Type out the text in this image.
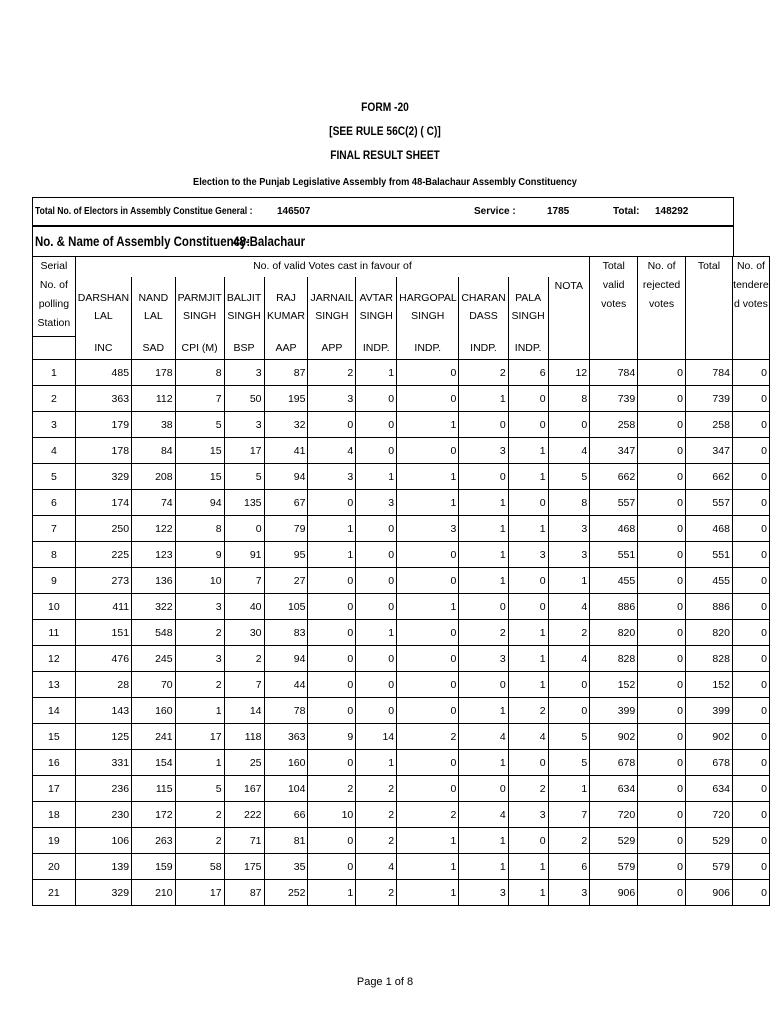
FORM -20
[SEE RULE 56C(2) ( C)]
FINAL RESULT SHEET
Election to the Punjab Legislative Assembly from 48-Balachaur Assembly Constituency
Total No. of Electors in Assembly Constitue General : 146507	Service :	1785	Total: 148292
No. & Name of Assembly Constituency:
48-Balachaur
Serial No. of polling Station	No. of valid Votes cast in favour of											Total valid votes	No. of rejected votes	Total	No. of tendere d votes
	DARSHAN LAL	NAND LAL	PARMJIT SINGH	BALJIT SINGH	RAJ KUMAR	JARNAIL SINGH	AVTAR SINGH	HARGOPAL SINGH	CHARAN DASS	PALA SINGH	NOTA				
	INC	SAD	CPI (M)	BSP	AAP	APP	INDP.	INDP.	INDP.	INDP.					
1	485	178	8	3	87	2	1	0	2	6	12	784	0	784	0
2	363	112	7	50	195	3	0	0	1	0	8	739	0	739	0
3	179	38	5	3	32	0	0	1	0	0	0	258	0	258	0
4	178	84	15	17	41	4	0	0	3	1	4	347	0	347	0
5	329	208	15	5	94	3	1	1	0	1	5	662	0	662	0
6	174	74	94	135	67	0	3	1	1	0	8	557	0	557	0
7	250	122	8	0	79	1	0	3	1	1	3	468	0	468	0
8	225	123	9	91	95	1	0	0	1	3	3	551	0	551	0
9	273	136	10	7	27	0	0	0	1	0	1	455	0	455	0
10	411	322	3	40	105	0	0	1	0	0	4	886	0	886	0
11	151	548	2	30	83	0	1	0	2	1	2	820	0	820	0
12	476	245	3	2	94	0	0	0	3	1	4	828	0	828	0
13	28	70	2	7	44	0	0	0	0	1	0	152	0	152	0
14	143	160	1	14	78	0	0	0	1	2	0	399	0	399	0
15	125	241	17	118	363	9	14	2	4	4	5	902	0	902	0
16	331	154	1	25	160	0	1	0	1	0	5	678	0	678	0
17	236	115	5	167	104	2	2	0	0	2	1	634	0	634	0
18	230	172	2	222	66	10	2	2	4	3	7	720	0	720	0
19	106	263	2	71	81	0	2	1	1	0	2	529	0	529	0
20	139	159	58	175	35	0	4	1	1	1	6	579	0	579	0
21	329	210	17	87	252	1	2	1	3	1	3	906	0	906	0
Page 1 of 8
